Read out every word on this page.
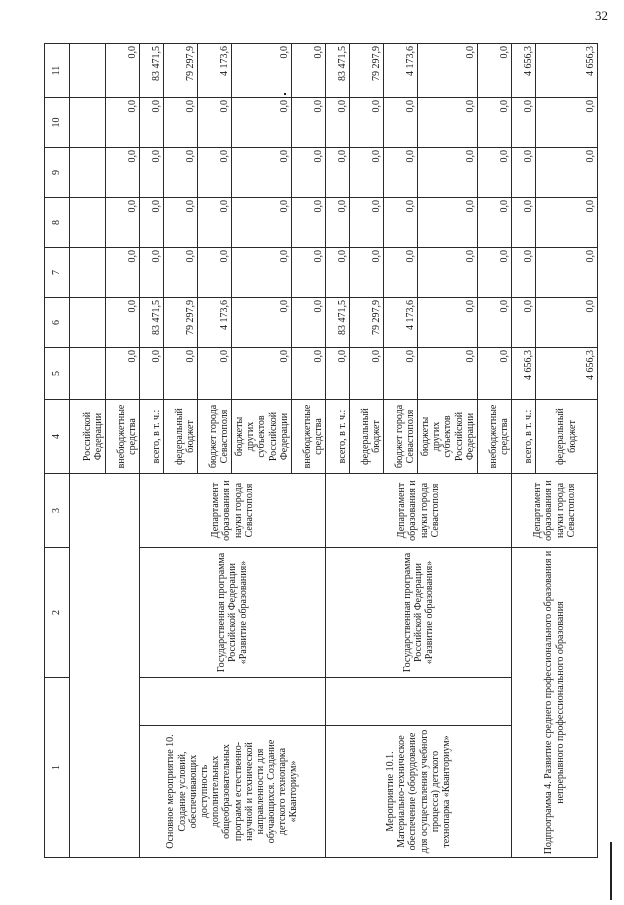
32
1		2	3	4	5	6	7	8	9	10	11
				Российской Федерации							
				внебюджетные средства	0,0	0,0	0,0	0,0	0,0	0,0	0,0
Основное мероприятие 10. Создание условий, обеспечивающих доступность дополнительных общеобразовательных программ естественно-научной и технической направленности для обучающихся. Создание детского технопарка «Кванториум»		Государственная программа Российской Федерации «Развитие образования»	Департамент образования и науки города Севастополя	всего, в т. ч.:	0,0	83 471,5	0,0	0,0	0,0	0,0	83 471,5
				федеральный бюджет	0,0	79 297,9	0,0	0,0	0,0	0,0	79 297,9
				бюджет города Севастополя	0,0	4 173,6	0,0	0,0	0,0	0,0	4 173,6
				бюджеты других субъектов Российской Федерации	0,0	0,0	0,0	0,0	0,0	0,0	0,0
				внебюджетные средства	0,0	0,0	0,0	0,0	0,0	0,0	0,0
Мероприятие 10.1. Материально-техническое обеспечение (оборудование для осуществления учебного процесса) детского технопарка «Кванториум»		Государственная программа Российской Федерации «Развитие образования»	Департамент образования и науки города Севастополя	всего, в т. ч.:	0,0	83 471,5	0,0	0,0	0,0	0,0	83 471,5
				федеральный бюджет	0,0	79 297,9	0,0	0,0	0,0	0,0	79 297,9
				бюджет города Севастополя	0,0	4 173,6	0,0	0,0	0,0	0,0	4 173,6
				бюджеты других субъектов Российской Федерации	0,0	0,0	0,0	0,0	0,0	0,0	0,0
				внебюджетные средства	0,0	0,0	0,0	0,0	0,0	0,0	0,0
Подпрограмма 4. Развитие среднего профессионального образования и непрерывного профессионального образования			Департамент образования и науки города Севастополя	всего, в т. ч.:	4 656,3	0,0	0,0	0,0	0,0	0,0	4 656,3
				федеральный бюджет	4 656,3	0,0	0,0	0,0	0,0	0,0	4 656,3
